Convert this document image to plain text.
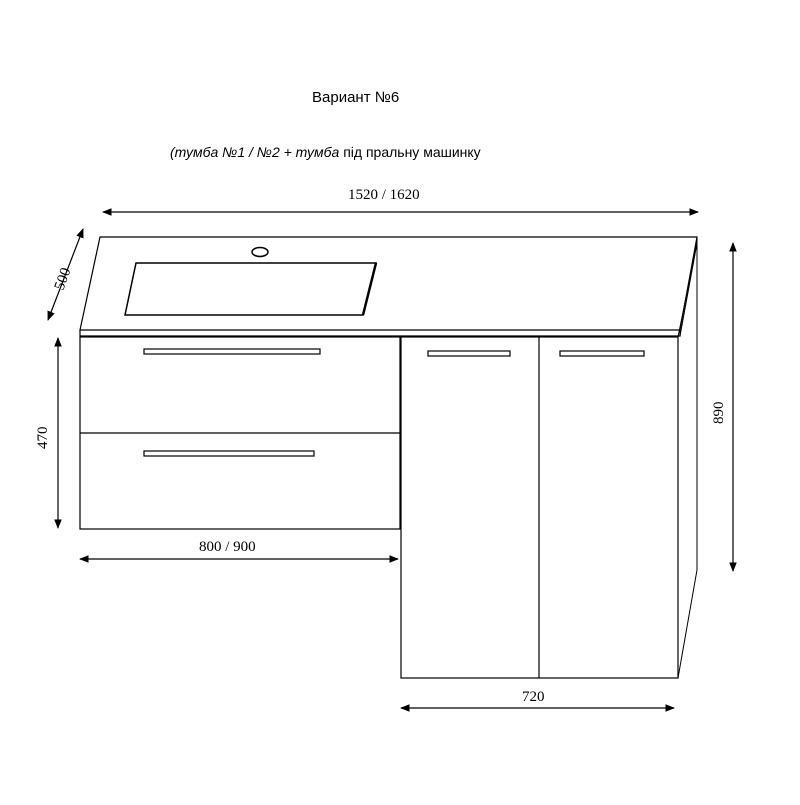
1520 / 1620
500
470
890
800 / 900
720
Вариант №6
(тумба №1 / №2 + тумба під пральну машинку
